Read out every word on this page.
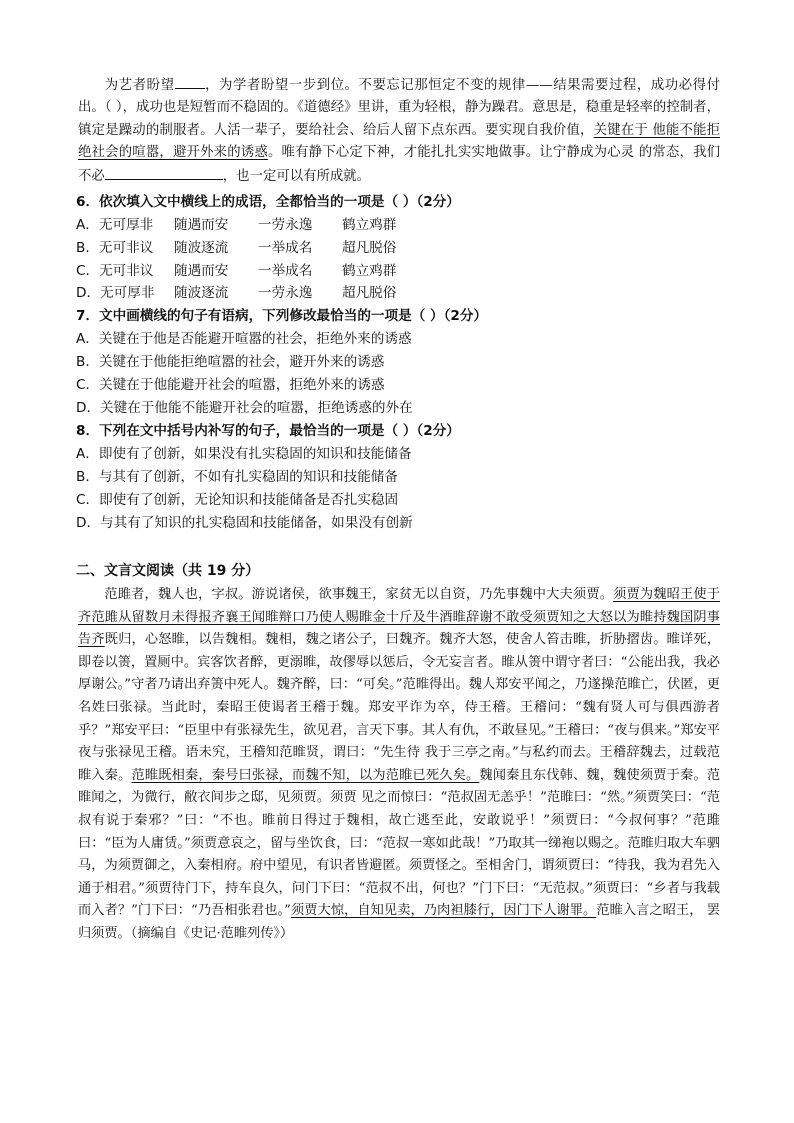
为艺者盼望 ，为学者盼望一步到位。不要忘记那恒定不变的规律——结果需要过程，成功必得付出。（ ），成功也是短暂而不稳固的。《道德经》里讲，重为轻根，静为躁君。意思是，稳重是轻率的控制者，镇定是躁动的制服者。人活一辈子，要给社会、给后人留下点东西。要实现自我价值，关键在于 他能不能拒绝社会的喧嚣，避开外来的诱惑。唯有静下心定下神，才能扎扎实实地做事。让宁静成为心灵 的常态，我们不必	，也一定可以有所成就。
6．依次填入文中横线上的成语，全都恰当的一项是（ ）（2分）
A．无可厚非 随遇而安 一劳永逸 鹤立鸡群
B．无可非议 随波逐流 一举成名 超凡脱俗
C．无可非议 随遇而安 一举成名 鹤立鸡群
D．无可厚非 随波逐流 一劳永逸 超凡脱俗
7．文中画横线的句子有语病，下列修改最恰当的一项是（ ）（2分）
A．关键在于他是否能避开喧嚣的社会，拒绝外来的诱惑
B．关键在于他能拒绝喧嚣的社会，避开外来的诱惑
C．关键在于他能避开社会的喧嚣，拒绝外来的诱惑
D．关键在于他能不能避开社会的喧嚣，拒绝诱惑的外在
8．下列在文中括号内补写的句子，最恰当的一项是（ ）（2分）
A．即使有了创新，如果没有扎实稳固的知识和技能储备
B．与其有了创新，不如有扎实稳固的知识和技能储备
C．即使有了创新，无论知识和技能储备是否扎实稳固
D．与其有了知识的扎实稳固和技能储备，如果没有创新
二、文言文阅读（共 19 分）
范雎者，魏人也，字叔。游说诸侯，欲事魏王，家贫无以自资，乃先事魏中大夫须贾。须贾为魏昭王使于齐范雎从留数月未得报齐襄王闻睢辩口乃使人赐睢金十斤及牛酒睢辞谢不敢受须贾知之大怒以为睢持魏国阴事告齐既归，心怒睢，以告魏相。魏相，魏之诸公子，曰魏齐。魏齐大怒，使舍人笞击睢，折胁摺齿。睢详死，即卷以箦，置厕中。宾客饮者醉，更溺睢，故僇辱以惩后，令无妄言者。睢从箦中谓守者曰：“公能出我，我必厚谢公。”守者乃请出弃箦中死人。魏齐醉，曰：“可矣。”范睢得出。魏人郑安平闻之，乃遂操范睢亡，伏匿，更名姓曰张禄。当此时，秦昭王使谒者王稽于魏。郑安平诈为卒，侍王稽。王稽问：“魏有贤人可与俱西游者乎？”郑安平曰：“臣里中有张禄先生，欲见君，言天下事。其人有仇，不敢昼见。”王稽曰：“夜与俱来。”郑安平夜与张禄见王稽。语未究，王稽知范睢贤，谓曰：“先生待 我于三亭之南。”与私约而去。王稽辞魏去，过载范睢入秦。范睢既相秦，秦号曰张禄，而魏不知，以为范睢已死久矣。魏闻秦且东伐韩、魏，魏使须贾于秦。范睢闻之，为微行，敝衣间步之邸，见须贾。须贾 见之而惊曰：“范叔固无恙乎！”范睢曰：“然。”须贾笑曰：“范叔有说于秦邪？”曰：“不也。睢前日得过于魏相，故亡逃至此，安敢说乎！”须贾曰：“今叔何事？”范雎曰：“臣为人庸赁。”须贾意哀之，留与坐饮食，曰：“范叔一寒如此哉！”乃取其一绨袍以赐之。范睢归取大车驷马，为须贾御之，入秦相府。府中望见，有识者皆避匿。须贾怪之。至相舍门，谓须贾曰：“待我，我为君先入通于相君。”须贾待门下，持车良久，问门下曰：“范叔不出，何也？”门下曰：“无范叔。”须贾曰：“乡者与我载而入者？”门下曰：“乃吾相张君也。”须贾大惊，自知见卖，乃肉袒膝行，因门下人谢罪。范睢入言之昭王， 罢归须贾。（摘编自《史记·范睢列传》）
